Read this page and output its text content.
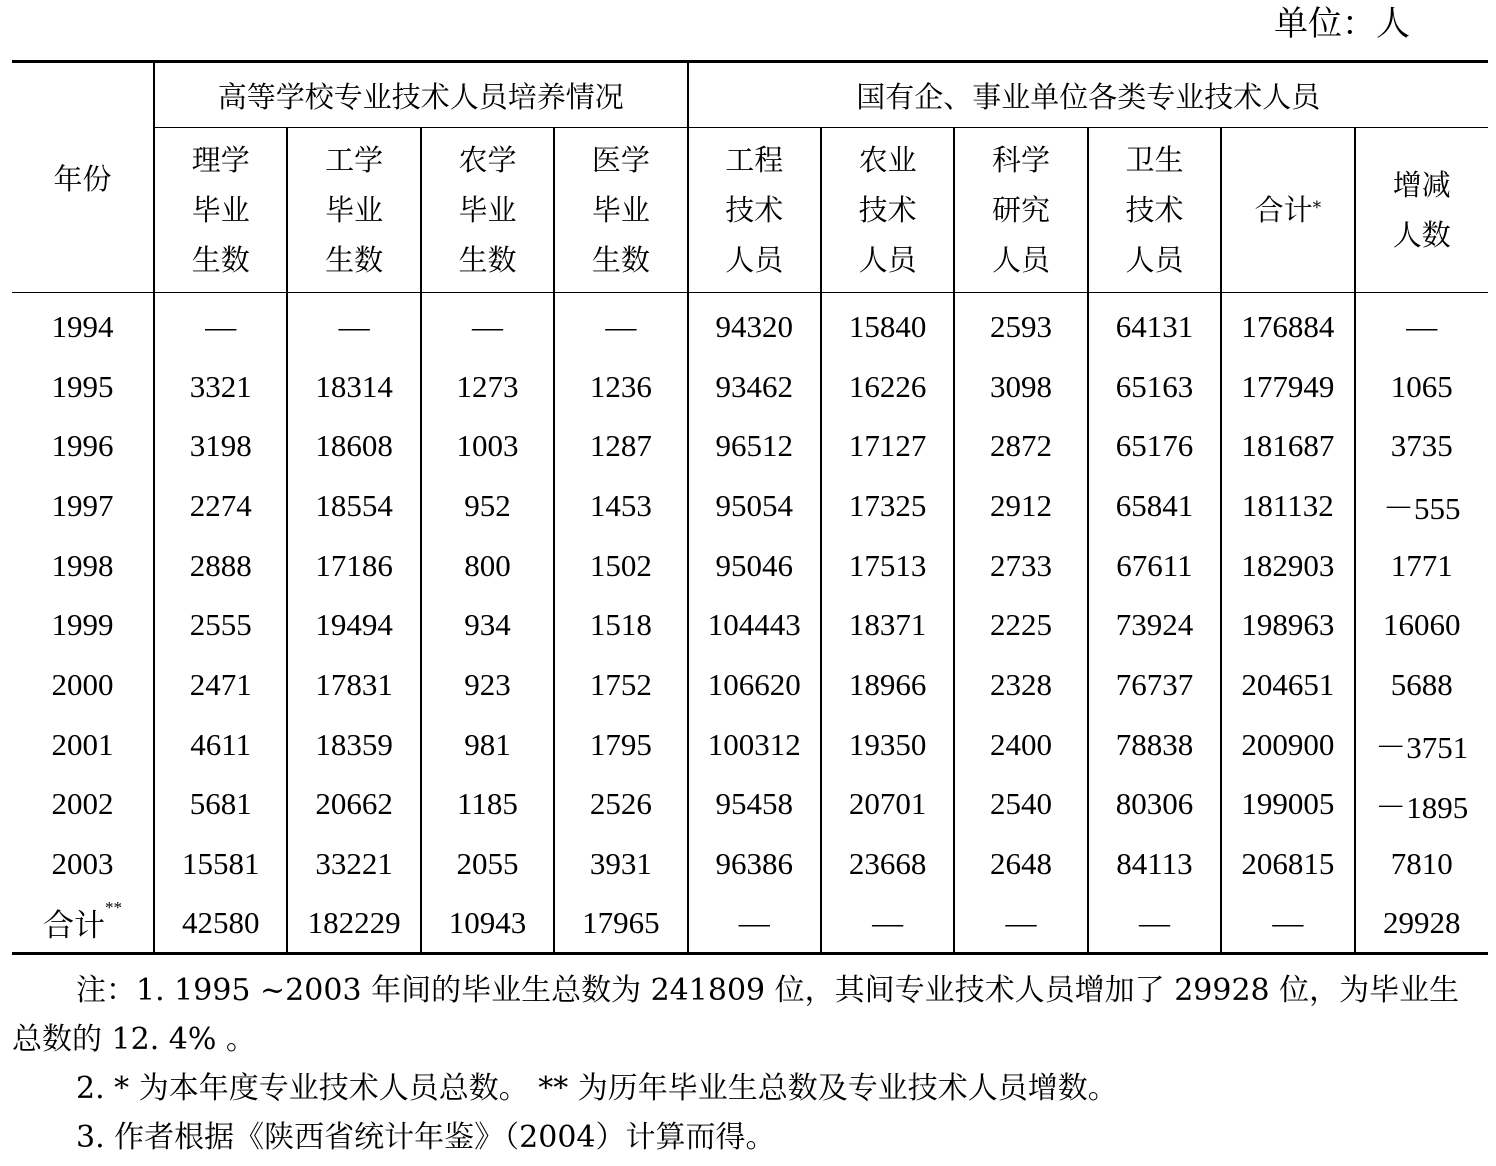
单位：人
年份	高等学校专业技术人员培养情况				国有企、事业单位各类专业技术人员					
	理学
毕业
生数	工学
毕业
生数	农学
毕业
生数	医学
毕业
生数	工程
技术
人员	农业
技术
人员	科学
研究
人员	卫生
技术
人员	合计*	增减
人数
1994	—	—	—	—	94320	15840	2593	64131	176884	—
1995	3321	18314	1273	1236	93462	16226	3098	65163	177949	1065
1996	3198	18608	1003	1287	96512	17127	2872	65176	181687	3735
1997	2274	18554	952	1453	95054	17325	2912	65841	181132	－555
1998	2888	17186	800	1502	95046	17513	2733	67611	182903	1771
1999	2555	19494	934	1518	104443	18371	2225	73924	198963	16060
2000	2471	17831	923	1752	106620	18966	2328	76737	204651	5688
2001	4611	18359	981	1795	100312	19350	2400	78838	200900	－3751
2002	5681	20662	1185	2526	95458	20701	2540	80306	199005	－1895
2003	15581	33221	2055	3931	96386	23668	2648	84113	206815	7810
合计**	42580	182229	10943	17965	—	—	—	—	—	29928

注：1. 1995 ~2003 年间的毕业生总数为 241809 位，其间专业技术人员增加了 29928 位，为毕业生总数的 12. 4% 。

2. * 为本年度专业技术人员总数。 ** 为历年毕业生总数及专业技术人员增数。

3. 作者根据《陕西省统计年鉴》（2004）计算而得。
